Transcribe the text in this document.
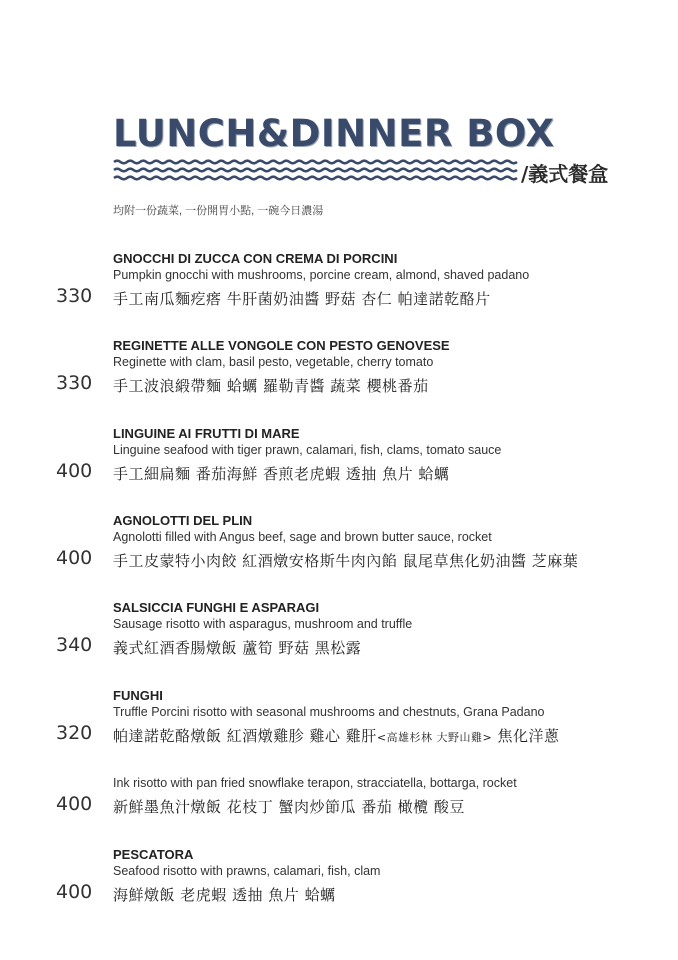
LUNCH&DINNER BOX
/義式餐盒
均附一份蔬菜, 一份開胃小點, 一碗今日濃湯
GNOCCHI DI ZUCCA CON CREMA DI PORCINI
Pumpkin gnocchi with mushrooms, porcine cream, almond, shaved padano
手工南瓜麵疙瘩 牛肝菌奶油醬 野菇 杏仁 帕達諾乾酪片
330
REGINETTE ALLE VONGOLE CON PESTO GENOVESE
Reginette with clam, basil pesto, vegetable, cherry tomato
手工波浪緞帶麵 蛤蠣 羅勒青醬 蔬菜 櫻桃番茄
330
LINGUINE AI FRUTTI DI MARE
Linguine seafood with tiger prawn, calamari, fish, clams, tomato sauce
手工細扁麵 番茄海鮮 香煎老虎蝦 透抽 魚片 蛤蠣
400
AGNOLOTTI DEL PLIN
Agnolotti filled with Angus beef, sage and brown butter sauce, rocket
手工皮蒙特小肉餃 紅酒燉安格斯牛肉內餡 鼠尾草焦化奶油醬 芝麻葉
400
SALSICCIA FUNGHI E ASPARAGI
Sausage risotto with asparagus, mushroom and truffle
義式紅酒香腸燉飯 蘆筍 野菇 黑松露
340
FUNGHI
Truffle Porcini risotto with seasonal mushrooms and chestnuts, Grana Padano
帕達諾乾酪燉飯 紅酒燉雞胗 雞心 雞肝<高雄杉林 大野山雞> 焦化洋蔥
320
Ink risotto with pan fried snowflake terapon, stracciatella, bottarga, rocket
新鮮墨魚汁燉飯 花枝丁 蟹肉炒節瓜 番茄 橄欖 酸豆
400
PESCATORA
Seafood risotto with prawns, calamari, fish, clam
海鮮燉飯 老虎蝦 透抽 魚片 蛤蠣
400
